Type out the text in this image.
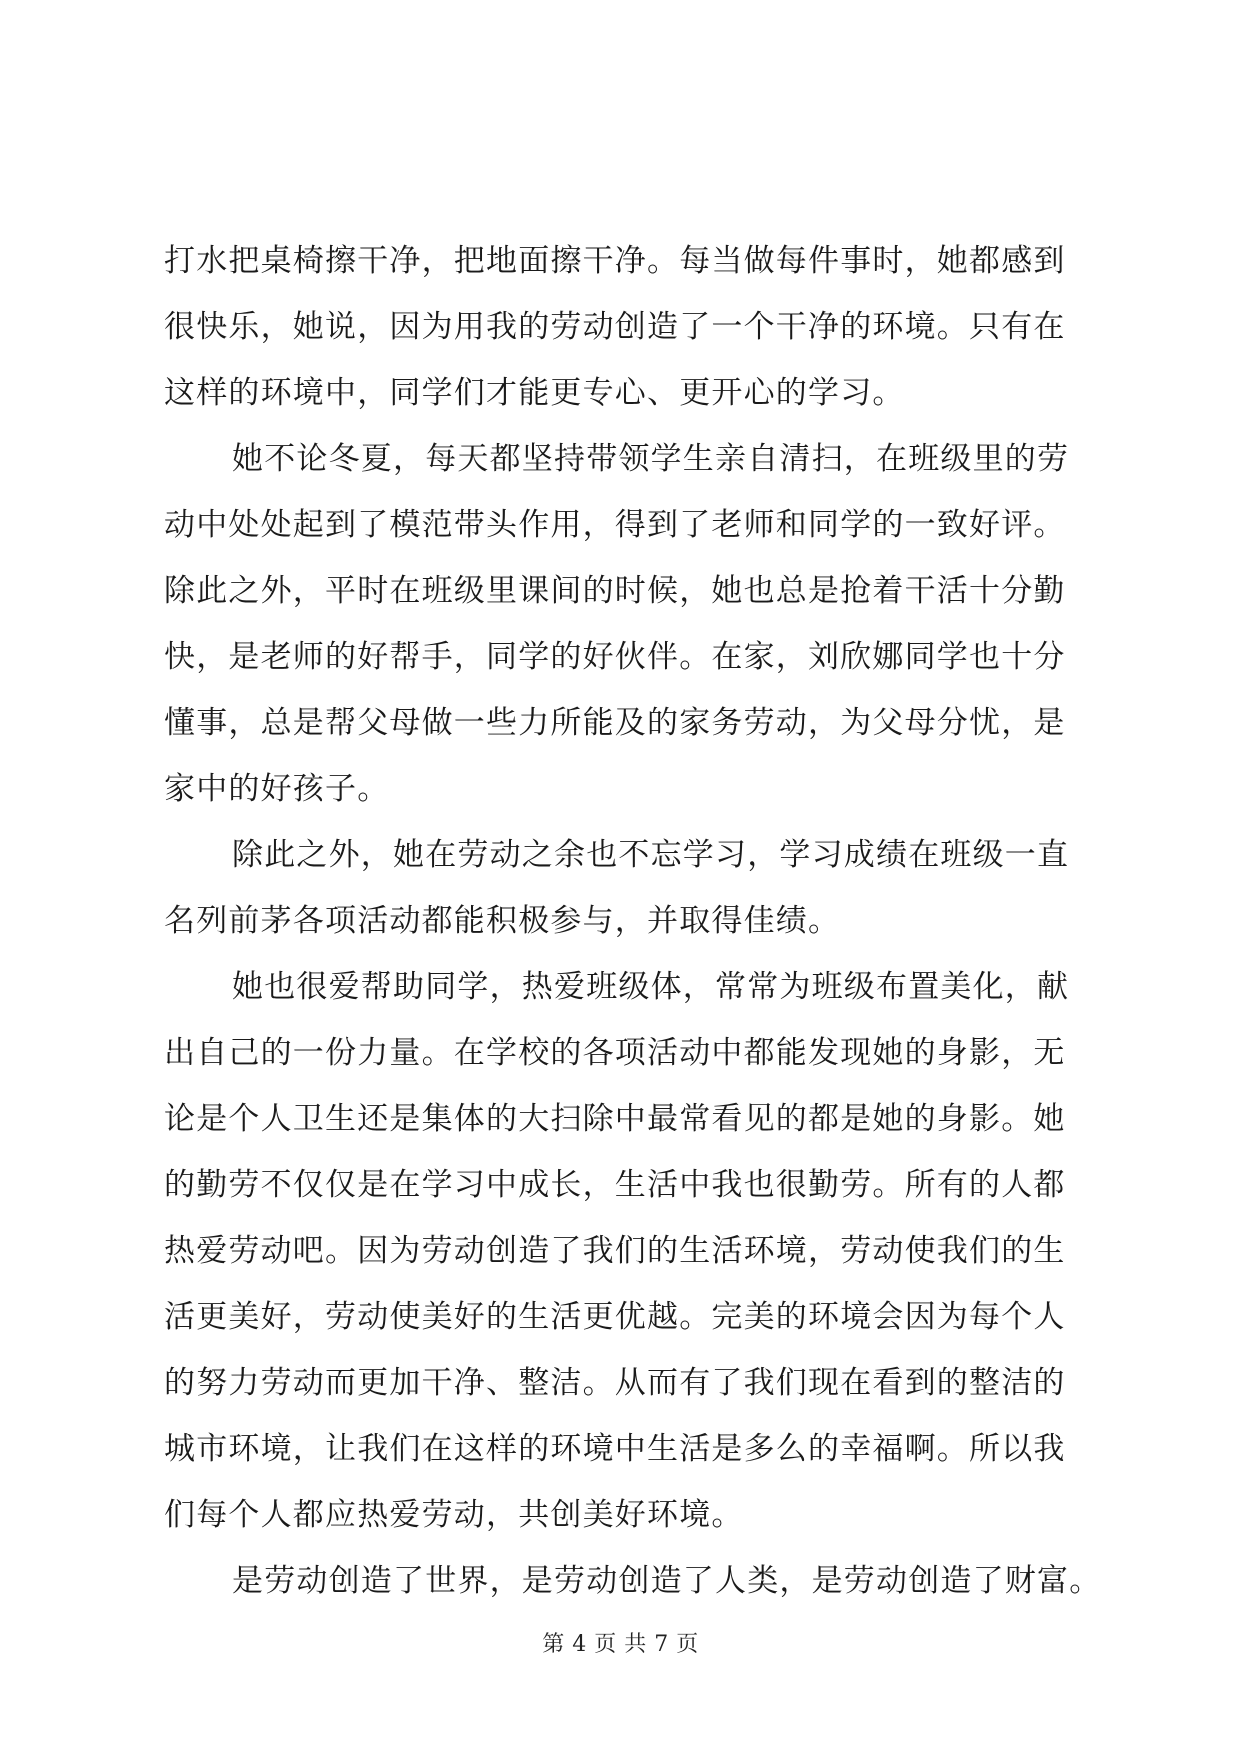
打水把桌椅擦干净，把地面擦干净。每当做每件事时，她都感到
很快乐，她说，因为用我的劳动创造了一个干净的环境。只有在
这样的环境中，同学们才能更专心、更开心的学习。
她不论冬夏，每天都坚持带领学生亲自清扫，在班级里的劳
动中处处起到了模范带头作用，得到了老师和同学的一致好评。
除此之外，平时在班级里课间的时候，她也总是抢着干活十分勤
快，是老师的好帮手，同学的好伙伴。在家，刘欣娜同学也十分
懂事，总是帮父母做一些力所能及的家务劳动，为父母分忧，是
家中的好孩子。
除此之外，她在劳动之余也不忘学习，学习成绩在班级一直
名列前茅各项活动都能积极参与，并取得佳绩。
她也很爱帮助同学，热爱班级体，常常为班级布置美化，献
出自己的一份力量。在学校的各项活动中都能发现她的身影，无
论是个人卫生还是集体的大扫除中最常看见的都是她的身影。她
的勤劳不仅仅是在学习中成长，生活中我也很勤劳。所有的人都
热爱劳动吧。因为劳动创造了我们的生活环境，劳动使我们的生
活更美好，劳动使美好的生活更优越。完美的环境会因为每个人
的努力劳动而更加干净、整洁。从而有了我们现在看到的整洁的
城市环境，让我们在这样的环境中生活是多么的幸福啊。所以我
们每个人都应热爱劳动，共创美好环境。
是劳动创造了世界，是劳动创造了人类，是劳动创造了财富。
第 4 页 共 7 页
